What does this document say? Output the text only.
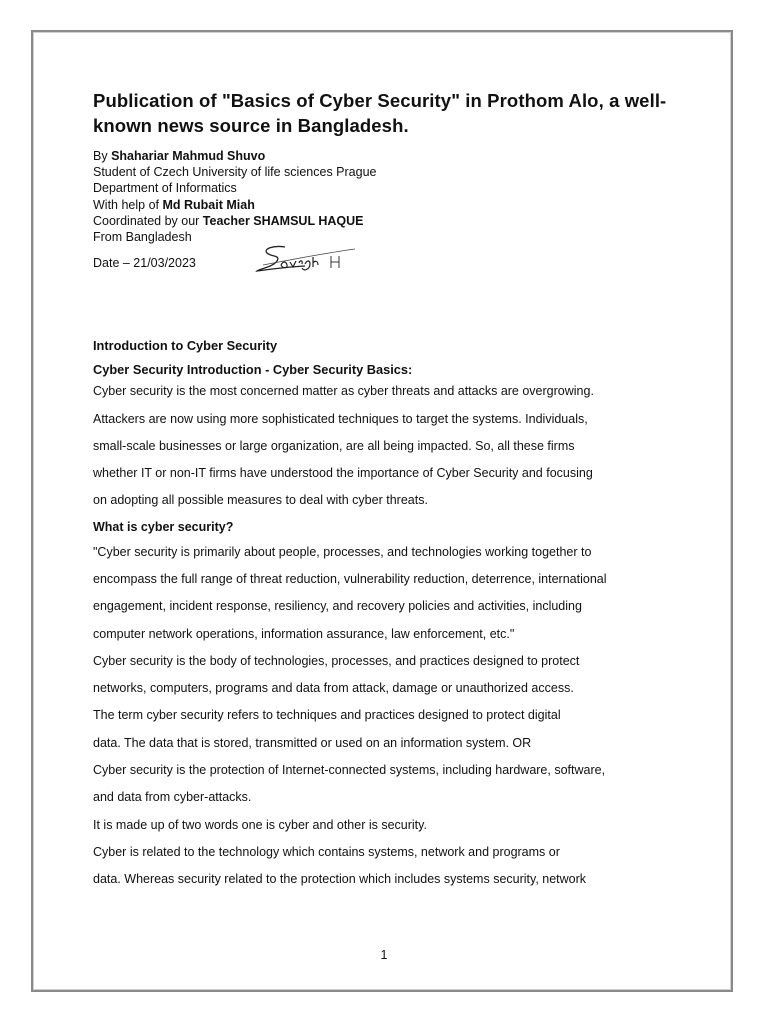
Publication of "Basics of Cyber Security" in Prothom Alo, a well-known news source in Bangladesh.
By Shahariar Mahmud Shuvo
Student of Czech University of life sciences Prague
Department of Informatics
With help of Md Rubait Miah
Coordinated by our Teacher SHAMSUL HAQUE
From Bangladesh
Date – 21/03/2023
Introduction to Cyber Security
Cyber Security Introduction - Cyber Security Basics:
Cyber security is the most concerned matter as cyber threats and attacks are overgrowing.
Attackers are now using more sophisticated techniques to target the systems. Individuals,
small-scale businesses or large organization, are all being impacted. So, all these firms
whether IT or non-IT firms have understood the importance of Cyber Security and focusing
on adopting all possible measures to deal with cyber threats.
What is cyber security?
"Cyber security is primarily about people, processes, and technologies working together to
encompass the full range of threat reduction, vulnerability reduction, deterrence, international
engagement, incident response, resiliency, and recovery policies and activities, including
computer network operations, information assurance, law enforcement, etc."
Cyber security is the body of technologies, processes, and practices designed to protect
networks, computers, programs and data from attack, damage or unauthorized access.
The term cyber security refers to techniques and practices designed to protect digital
data. The data that is stored, transmitted or used on an information system. OR
Cyber security is the protection of Internet-connected systems, including hardware, software,
and data from cyber-attacks.
It is made up of two words one is cyber and other is security.
Cyber is related to the technology which contains systems, network and programs or
data. Whereas security related to the protection which includes systems security, network
1
